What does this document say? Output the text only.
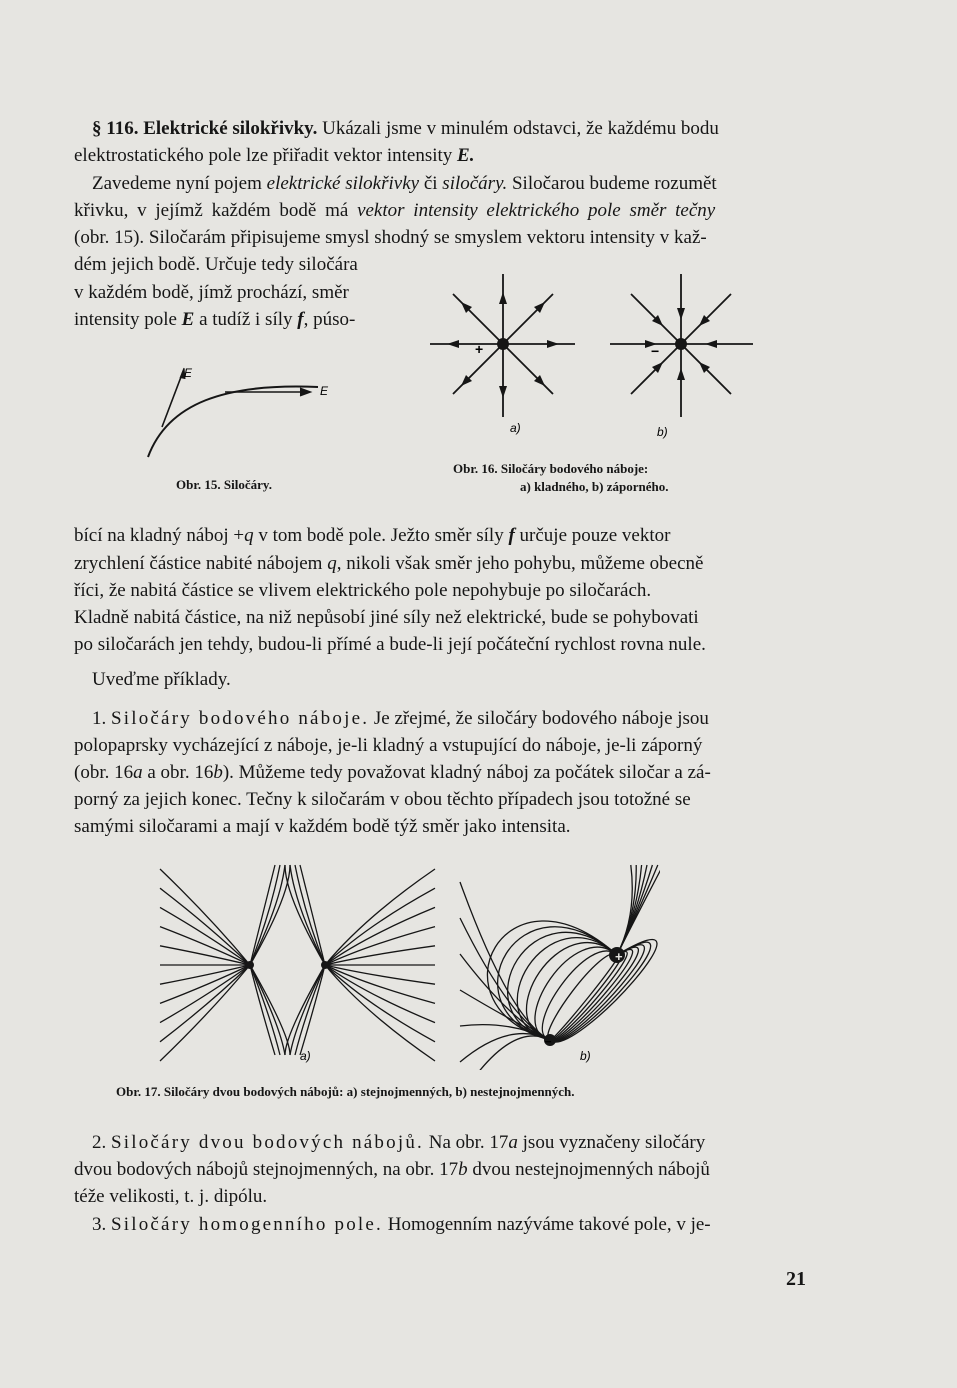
§ 116. Elektrické silokřivky. Ukázali jsme v minulém odstavci, že každému bodu
elektrostatického pole lze přiřadit vektor intensity E.
Zavedeme nyní pojem elektrické silokřivky či siločáry. Siločarou budeme rozumět
křivku, v jejímž každém bodě má vektor intensity elektrického pole směr tečny
(obr. 15). Siločarám připisujeme smysl shodný se smyslem vektoru intensity v kaž-
dém jejich bodě. Určuje tedy siločára
v každém bodě, jímž prochází, směr
intensity pole E a tudíž i síly f, púso-
E
E
Obr. 15. Siločáry.
+
a)
−
b)
Obr. 16. Siločáry bodového náboje:
a) kladného, b) záporného.
bící na kladný náboj +q v tom bodě pole. Ježto směr síly f určuje pouze vektor
zrychlení částice nabité nábojem q, nikoli však směr jeho pohybu, můžeme obecně
říci, že nabitá částice se vlivem elektrického pole nepohybuje po siločarách.
Kladně nabitá částice, na niž nepůsobí jiné síly než elektrické, bude se pohybovati
po siločarách jen tehdy, budou-li přímé a bude-li její počáteční rychlost rovna nule.
Uveďme příklady.
1. Siločáry bodového náboje. Je zřejmé, že siločáry bodového náboje jsou
polopaprsky vycházející z náboje, je-li kladný a vstupující do náboje, je-li záporný
(obr. 16a a obr. 16b). Můžeme tedy považovat kladný náboj za počátek siločar a zá-
porný za jejich konec. Tečny k siločarám v obou těchto případech jsou totožné se
samými siločarami a mají v každém bodě týž směr jako intensita.
a)	b)
+
−
Obr. 17. Siločáry dvou bodových nábojů: a) stejnojmenných, b) nestejnojmenných.
2. Siločáry dvou bodových nábojů. Na obr. 17a jsou vyznačeny siločáry
dvou bodových nábojů stejnojmenných, na obr. 17b dvou nestejnojmenných nábojů
téže velikosti, t. j. dipólu.
3. Siločáry homogenního pole. Homogenním nazýváme takové pole, v je-
21
